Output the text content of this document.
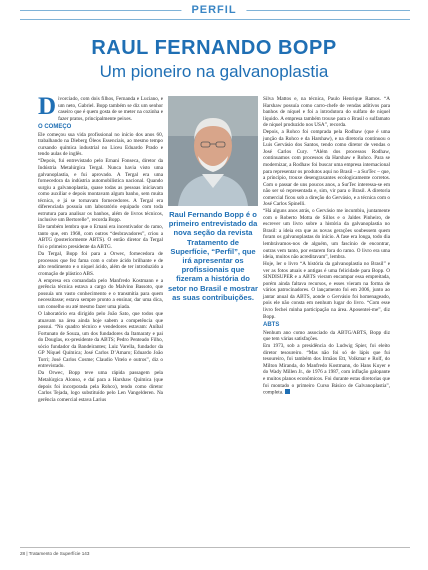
PERFIL
RAUL FERNANDO BOPP
Um pioneiro na galvanoplastia

Divorciado, com dois filhos, Fernanda e Luciano, e um neto, Gabriel. Bopp também se diz um senhor caseiro que é quem gosta de se meter na cozinha e fazer pratos, principalmente peixes.

O COMEÇO

Ele começou sua vida profissional no início dos anos 60, trabalhando na Dieberg Óleos Essenciais, ao mesmo tempo cursando química industrial no Liceu Eduardo Prado e tendo aulas de inglês.

“Depois, fui entrevistado pelo Ernani Fonseca, diretor da Indústria Metalúrgica Tergal. Nunca havia visto uma galvanoplastia, e fui aprovado. A Tergal era uma fornecedora da indústria automobilística nacional. Quando surgiu a galvanoplastia, quase todas as pessoas iniciavam como auxiliar e depois montavam algum banho, sem muita técnica, e já se tornavam fornecedores. A Tergal era diferenciada possuía um laboratório equipado com toda estrutura para analisar os banhos, além de livros técnicos, inclusive um Bertorelle”, recorda Bopp.

Ele também lembra que o Ernani era incentivador do ramo, tanto que, em 1968, com outros “desbravadores”, criou a ABTG (posteriormente ABTS). O então diretor da Tergal foi o primeiro presidente da ABTG.

Da Tergal, Bopp foi para a Orwec, fornecedora de processos que fez fama com o cobre ácido brilhante e de alto rendimento e o níquel ácido, além de ter introduzido a cromação de plástico ABS.

A empresa era comandada pelo Manfredo Kostmann e a gerência técnica estava a cargo do Malvino Bassoto, que possuía um vasto conhecimento e o transmitia para quem necessitasse; estava sempre pronto a ensinar, dar uma dica, um conselho ou até mesmo fazer uma piada.

O laboratório era dirigido pelo João Sato, que todos que atuavam na área ainda hoje sabem a competência que possui. “No quadro técnico e vendedores estavam: Aníbal Fortunato de Souza, um dos fundadores da Itamaraty e pai do Douglas, ex-presidente da ABTS; Pedro Penteado Filho, sócio fundador da Bandeirantes; Luiz Varella, fundador da GP Níquel Química; José Carlos D’Amaro; Eduardo João Torri; José Carlos Cosme; Claudio Vitelo e outros”, diz o entrevistado.

Da Orwec, Bopp teve uma rápida passagem pela Metalúrgica Alonso, e daí para a Harshaw Química (que depois foi incorporada pela Rohco), tendo como diretor Carlos Tejada, logo substituído pelo Len Vangelderen. Na gerência comercial estava Larius

Raul Fernando Bopp é o primeiro entrevistado da nova seção da revista Tratamento de Superfície, “Perfil”, que irá apresentar os profissionais que fizeram a história do setor no Brasil e mostrar as suas contribuições.

Silva Mattos e, na técnica, Paulo Henrique Ramos. “A Harshaw possuía como carro-chefe de vendas aditivos para banhos de níquel e foi a introdutora do sulfato de níquel líquido. A empresa também trouxe para o Brasil o sulfamato de níquel produzido nos USA”, recorda.

Depois, a Rohco foi comprada pela Rodhaw (que é uma junção da Rohco e da Harshaw), e na diretoria continuou o Luis Gervásio dos Santos, tendo como diretor de vendas o José Carlos Cury. “Além dos processos Rodhaw, continuamos com processos da Harshaw e Rohco. Para se modernizar, a Rodhaw foi buscar uma empresa internacional para representar os produtos aqui no Brasil – a SurTec – que, a princípio, trouxe desengraxantes ecologicamente corretos. Com o passar de uns poucos anos, a SurTec interessa-se em não ser só representada e, sim, vir para o Brasil. A diretoria comercial ficou sob a direção do Gervásio, e a técnica com o José Carlos Spinelli.

“Há alguns anos atrás, o Gervásio me incumbiu, juntamente com o Roberto Motta de Sillos e o Jaldes Pinheiro, de escrever um livro sobre a história da galvanoplastia no Brasil: a ideia era que as novas gerações soubessem quem foram os galvanoplastas do início. A fase era longa, todo dia lembrávamos-nos de alguém, um fascínio de encontrar, outras vem tanto, por estarem fora do ramo. O livro era uma ideia, muitos não acreditavam”, lembra.

Hoje, ler o livro “A história da galvanoplastia no Brasil” e ver as fotos atuais e antigas é uma felicidade para Bopp. O SINDISUPER e a ABTS vieram encampar essa empreitada, porém ainda faltava recursos, e esses vieram na forma de vários patrocinadores. O lançamento foi em 2006, junto ao jantar anual da ABTS, aonde o Gervásio foi homenageado, pois ele não consta em nenhum lugar do livro. “Com esse livro fechei minha participação na área. Aposentei-me”, diz Bopp.

ABTS

Nenhum ano como associado da ABTG/ABTS, Bopp diz que tem várias satisfações.

Em 1973, sob a presidência do Ludwig Spier, foi eleito diretor tesoureiro. “Mas não foi só de lápis que fui tesoureiro, foi também dos Irmãos Ett, Volkmar e Rolf, do Milton Miranda, do Manfredo Kostmann, do Hans Kuyer e do Wady Millen Jr., de 1976 a 1987, com inflação galopante e muitos planos econômicos. Foi durante estas diretorias que foi montado o primeiro Curso Básico de Galvanoplastia”, completa.

28 | Tratamento de Superfície 143
